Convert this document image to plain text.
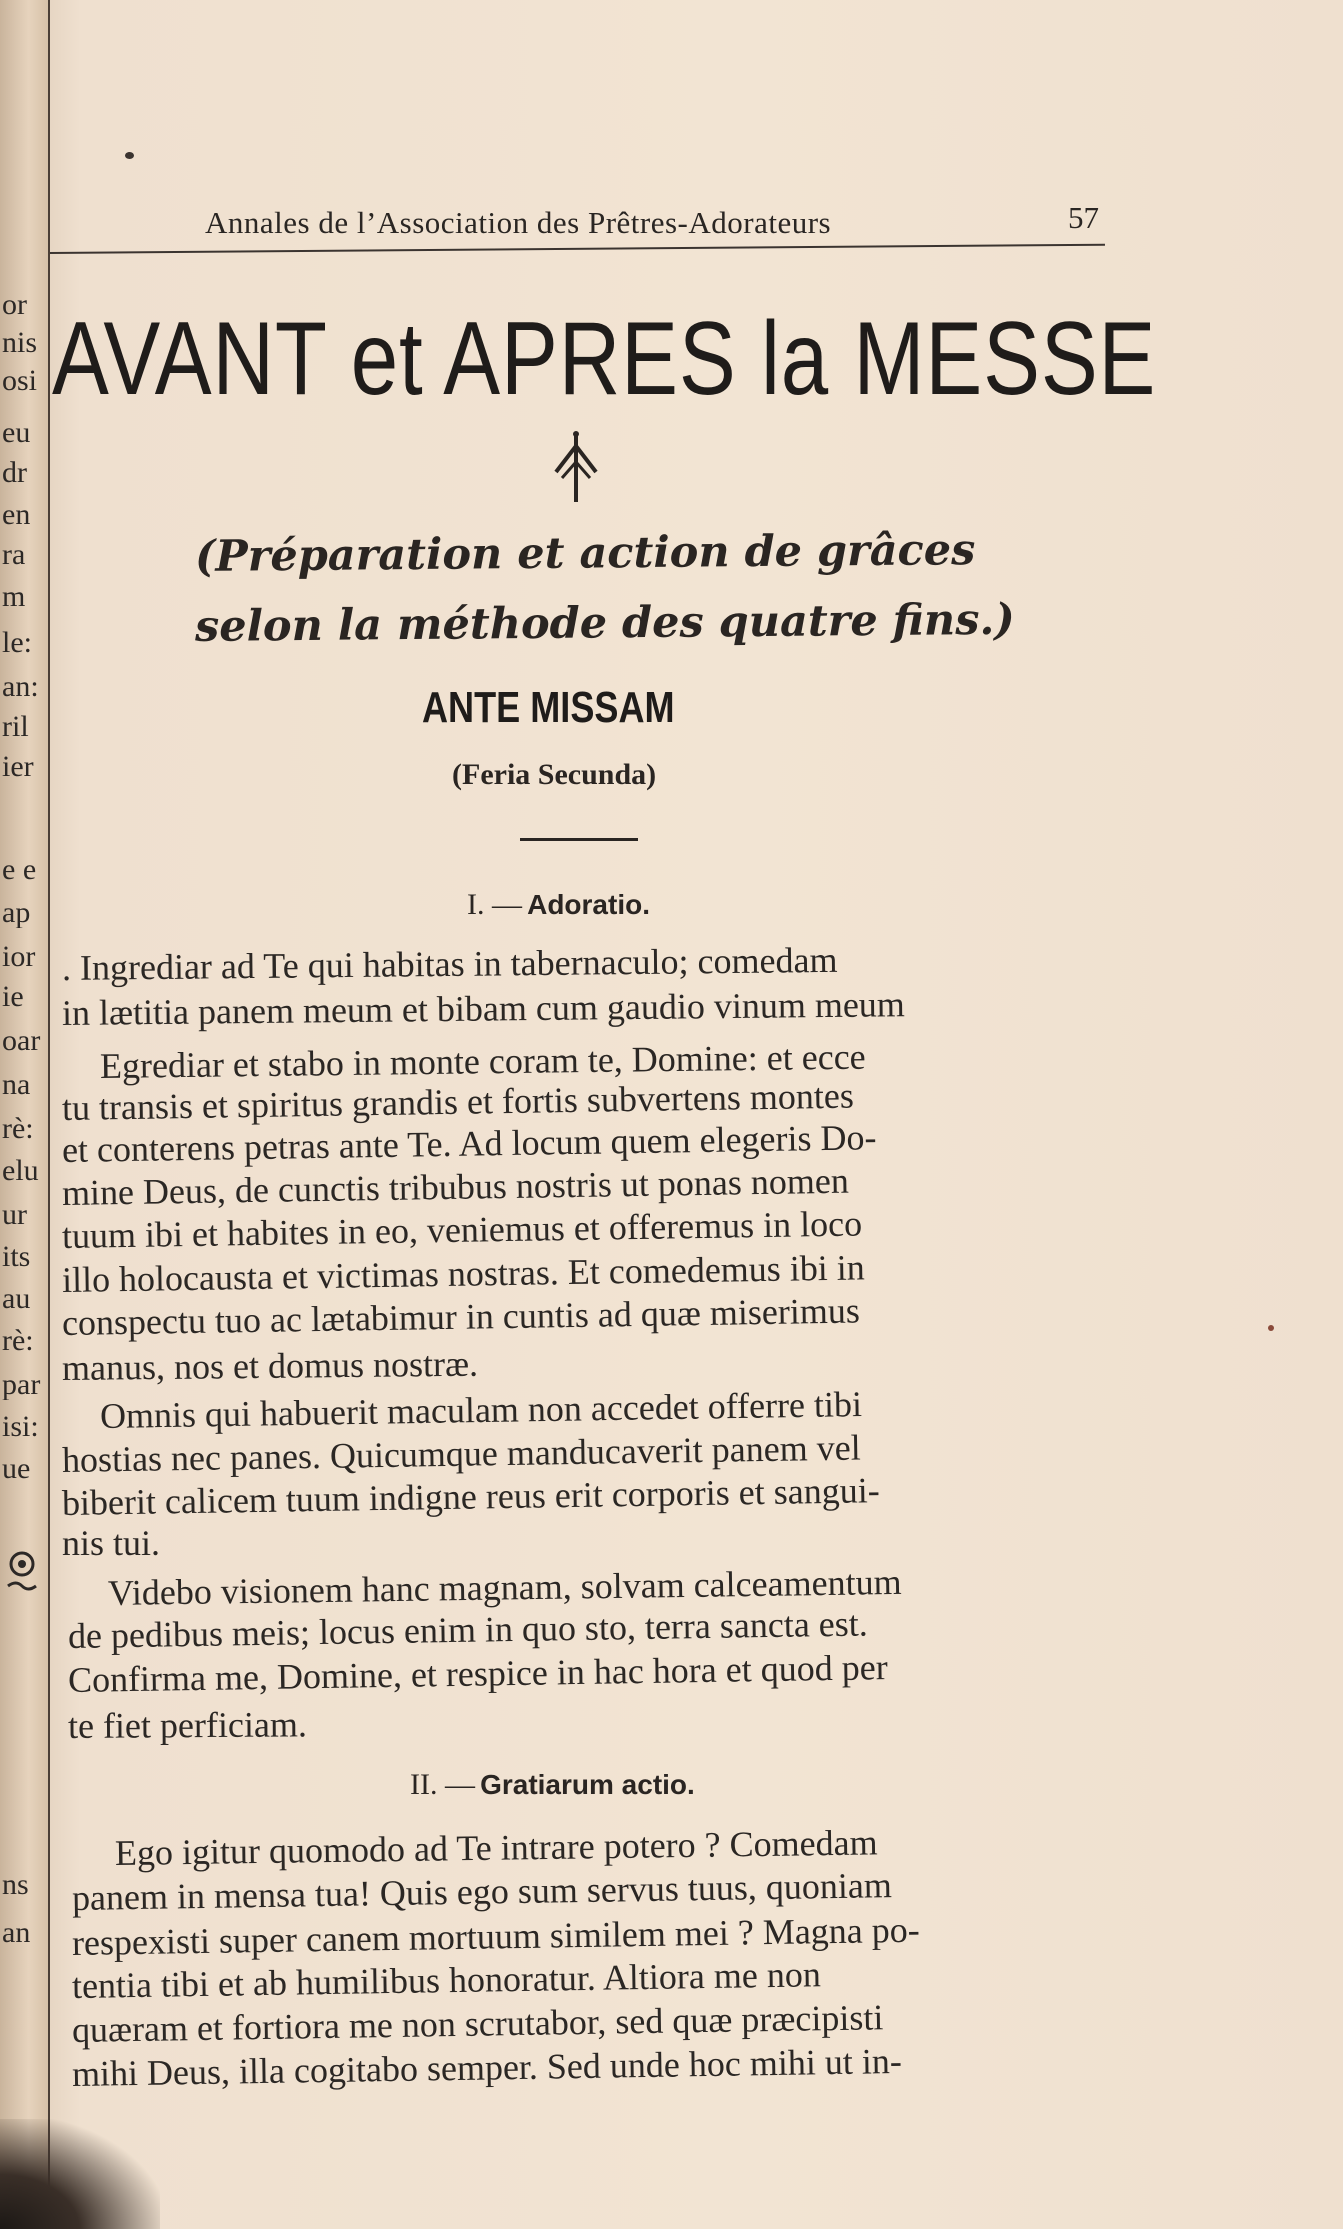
or
nis
osi
eu
dr
en
ra
m
le:
an:
ril
ier
e e
ap
ior
ie
oar
na
rè:
elu
ur
its
au
rè:
par
isi:
ue
ns
an
Annales de l’Association des Prêtres-Adorateurs	57
AVANT et APRES la MESSE
(Préparation et action de grâces
selon la méthode des quatre fins.)
ANTE MISSAM
(Feria Secunda)
I. — Adoratio.
. Ingrediar ad Te qui habitas in tabernaculo; comedam
in lætitia panem meum et bibam cum gaudio vinum meum
Egrediar et stabo in monte coram te, Domine: et ecce
tu transis et spiritus grandis et fortis subvertens montes
et conterens petras ante Te. Ad locum quem elegeris Do-
mine Deus, de cunctis tribubus nostris ut ponas nomen
tuum ibi et habites in eo, veniemus et offeremus in loco
illo holocausta et victimas nostras. Et comedemus ibi in
conspectu tuo ac lætabimur in cuntis ad quæ miserimus
manus, nos et domus nostræ.
Omnis qui habuerit maculam non accedet offerre tibi
hostias nec panes. Quicumque manducaverit panem vel
biberit calicem tuum indigne reus erit corporis et sangui-
nis tui.
Videbo visionem hanc magnam, solvam calceamentum
de pedibus meis; locus enim in quo sto, terra sancta est.
Confirma me, Domine, et respice in hac hora et quod per
te fiet perficiam.
II. — Gratiarum actio.
Ego igitur quomodo ad Te intrare potero ? Comedam
panem in mensa tua! Quis ego sum servus tuus, quoniam
respexisti super canem mortuum similem mei ? Magna po-
tentia tibi et ab humilibus honoratur. Altiora me non
quæram et fortiora me non scrutabor, sed quæ præcipisti
mihi Deus, illa cogitabo semper. Sed unde hoc mihi ut in-
